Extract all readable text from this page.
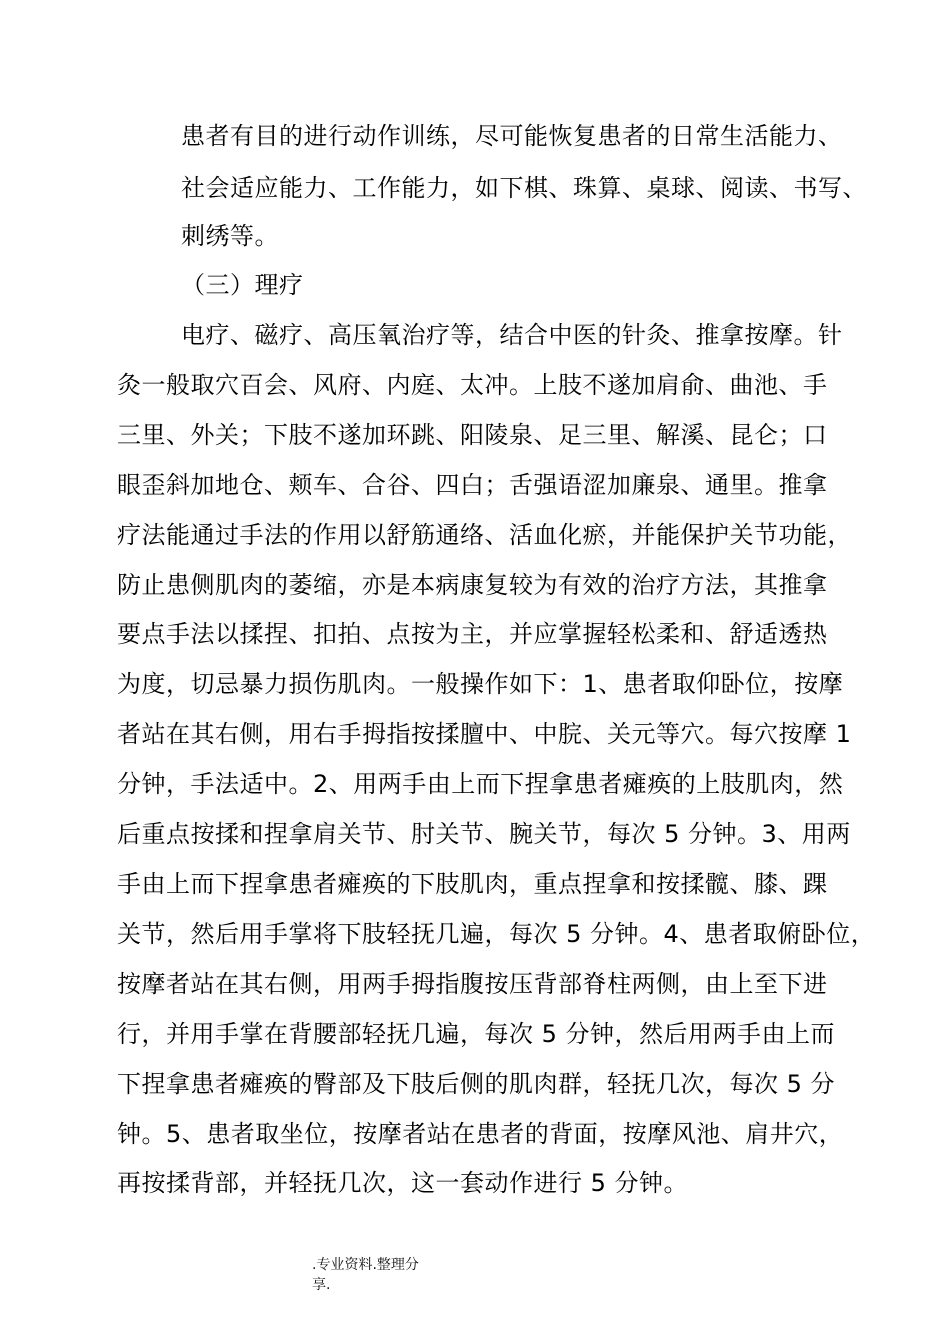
患者有目的进行动作训练，尽可能恢复患者的日常生活能力、
社会适应能力、工作能力，如下棋、珠算、桌球、阅读、书写、
刺绣等。
（三）理疗
电疗、磁疗、高压氧治疗等，结合中医的针灸、推拿按摩。针
灸一般取穴百会、风府、内庭、太冲。上肢不遂加肩俞、曲池、手
三里、外关；下肢不遂加环跳、阳陵泉、足三里、解溪、昆仑；口
眼歪斜加地仓、颊车、合谷、四白；舌强语涩加廉泉、通里。推拿
疗法能通过手法的作用以舒筋通络、活血化瘀，并能保护关节功能，
防止患侧肌肉的萎缩，亦是本病康复较为有效的治疗方法，其推拿
要点手法以揉捏、扣拍、点按为主，并应掌握轻松柔和、舒适透热
为度，切忌暴力损伤肌肉。一般操作如下：1、患者取仰卧位，按摩
者站在其右侧，用右手拇指按揉膻中、中脘、关元等穴。每穴按摩 1
分钟，手法适中。2、用两手由上而下捏拿患者瘫痪的上肢肌肉，然
后重点按揉和捏拿肩关节、肘关节、腕关节，每次 5 分钟。3、用两
手由上而下捏拿患者瘫痪的下肢肌肉，重点捏拿和按揉髋、膝、踝
关节，然后用手掌将下肢轻抚几遍，每次 5 分钟。4、患者取俯卧位，
按摩者站在其右侧，用两手拇指腹按压背部脊柱两侧，由上至下进
行，并用手掌在背腰部轻抚几遍，每次 5 分钟，然后用两手由上而
下捏拿患者瘫痪的臀部及下肢后侧的肌肉群，轻抚几次，每次 5 分
钟。5、患者取坐位，按摩者站在患者的背面，按摩风池、肩井穴，
再按揉背部，并轻抚几次，这一套动作进行 5 分钟。
.专业资料.整理分
享.
